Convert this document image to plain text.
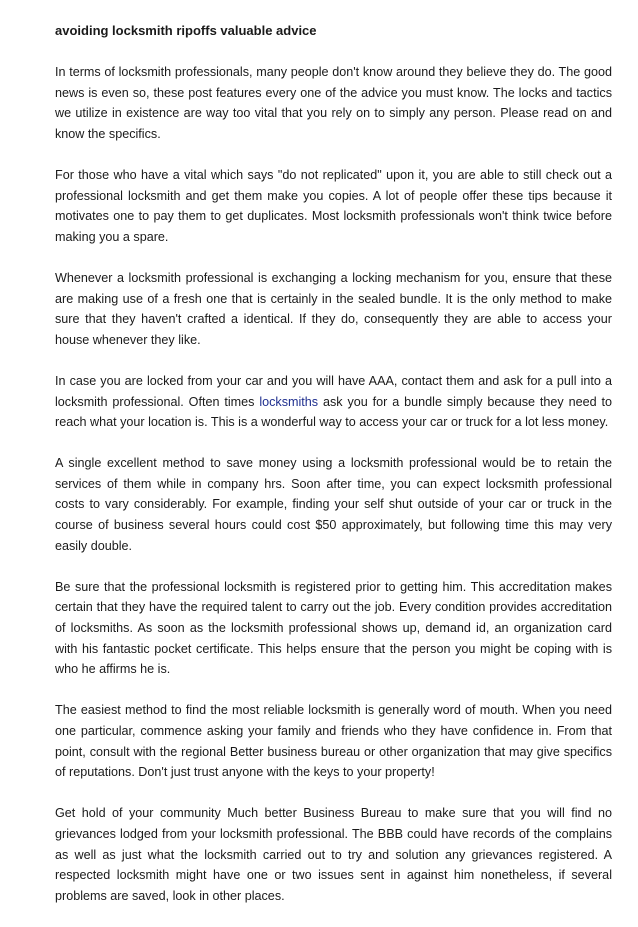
avoiding locksmith ripoffs valuable advice

In terms of locksmith professionals, many people don't know around they believe they do. The good news is even so, these post features every one of the advice you must know. The locks and tactics we utilize in existence are way too vital that you rely on to simply any person. Please read on and know the specifics.

For those who have a vital which says "do not replicated" upon it, you are able to still check out a professional locksmith and get them make you copies. A lot of people offer these tips because it motivates one to pay them to get duplicates. Most locksmith professionals won't think twice before making you a spare.

Whenever a locksmith professional is exchanging a locking mechanism for you, ensure that these are making use of a fresh one that is certainly in the sealed bundle. It is the only method to make sure that they haven't crafted a identical. If they do, consequently they are able to access your house whenever they like.

In case you are locked from your car and you will have AAA, contact them and ask for a pull into a locksmith professional. Often times locksmiths ask you for a bundle simply because they need to reach what your location is. This is a wonderful way to access your car or truck for a lot less money.

A single excellent method to save money using a locksmith professional would be to retain the services of them while in company hrs. Soon after time, you can expect locksmith professional costs to vary considerably. For example, finding your self shut outside of your car or truck in the course of business several hours could cost $50 approximately, but following time this may very easily double.

Be sure that the professional locksmith is registered prior to getting him. This accreditation makes certain that they have the required talent to carry out the job. Every condition provides accreditation of locksmiths. As soon as the locksmith professional shows up, demand id, an organization card with his fantastic pocket certificate. This helps ensure that the person you might be coping with is who he affirms he is.

The easiest method to find the most reliable locksmith is generally word of mouth. When you need one particular, commence asking your family and friends who they have confidence in. From that point, consult with the regional Better business bureau or other organization that may give specifics of reputations. Don't just trust anyone with the keys to your property!

Get hold of your community Much better Business Bureau to make sure that you will find no grievances lodged from your locksmith professional. The BBB could have records of the complains as well as just what the locksmith carried out to try and solution any grievances registered. A respected locksmith might have one or two issues sent in against him nonetheless, if several problems are saved, look in other places.
